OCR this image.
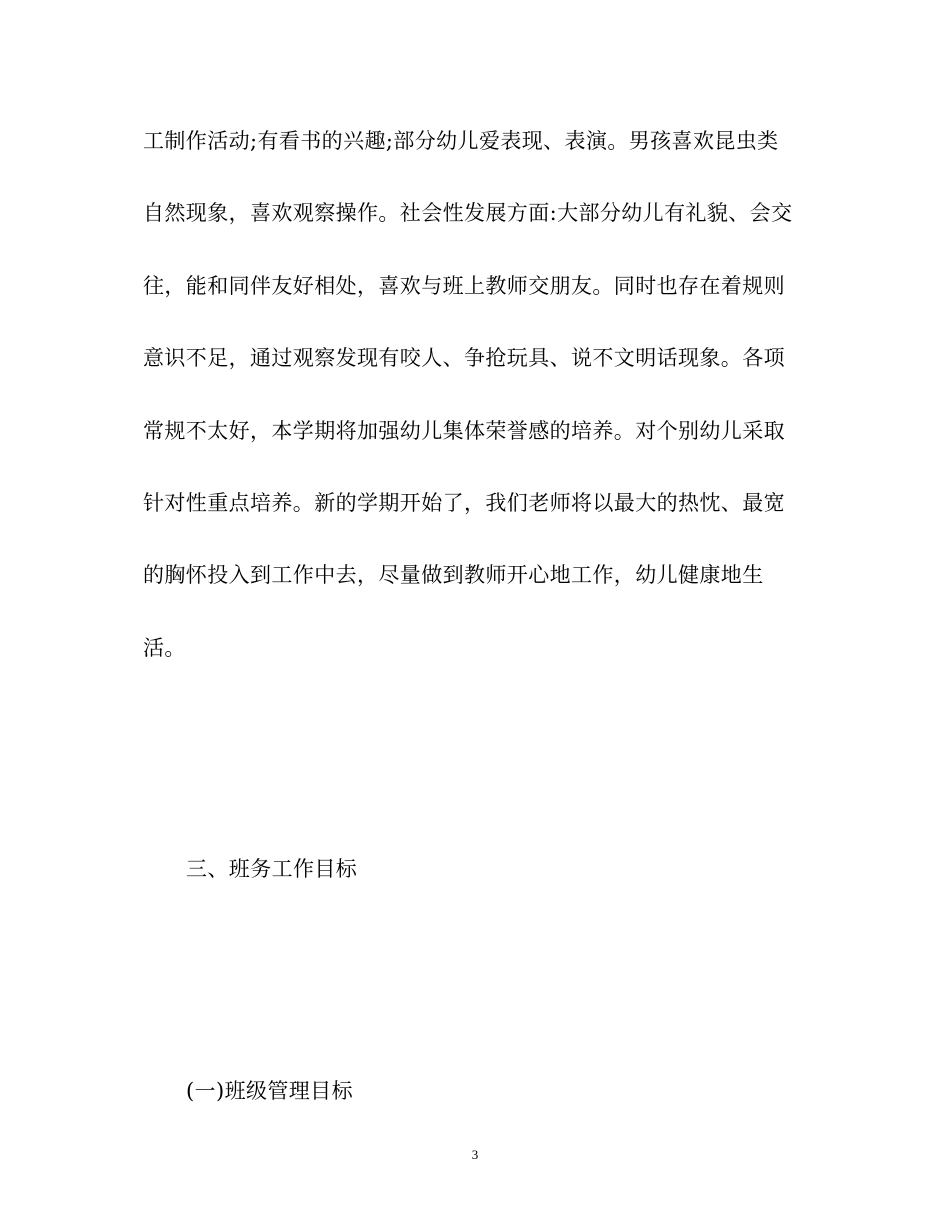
工制作活动;有看书的兴趣;部分幼儿爱表现、表演。男孩喜欢昆虫类
自然现象，喜欢观察操作。社会性发展方面:大部分幼儿有礼貌、会交
往，能和同伴友好相处，喜欢与班上教师交朋友。同时也存在着规则
意识不足，通过观察发现有咬人、争抢玩具、说不文明话现象。各项
常规不太好，本学期将加强幼儿集体荣誉感的培养。对个别幼儿采取
针对性重点培养。新的学期开始了，我们老师将以最大的热忱、最宽
的胸怀投入到工作中去，尽量做到教师开心地工作，幼儿健康地生
活。
三、班务工作目标
(一)班级管理目标
3
